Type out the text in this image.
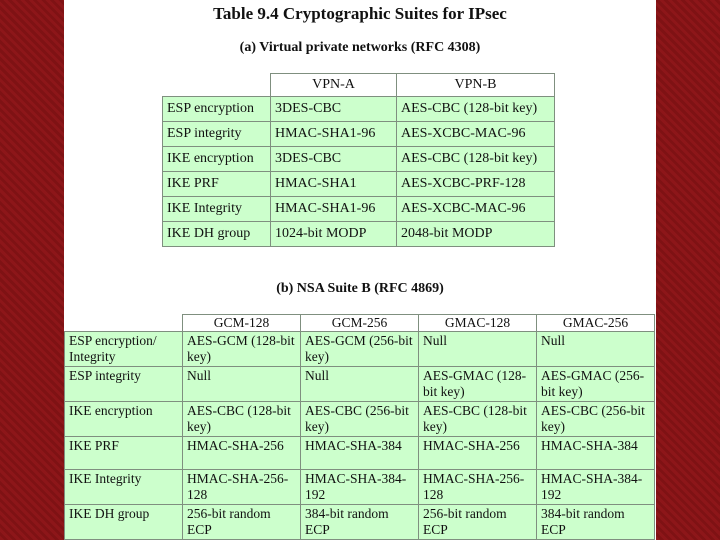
Table 9.4 Cryptographic Suites for IPsec
(a) Virtual private networks (RFC 4308)
	VPN-A	VPN-B
ESP encryption	3DES-CBC	AES-CBC (128-bit key)
ESP integrity	HMAC-SHA1-96	AES-XCBC-MAC-96
IKE encryption	3DES-CBC	AES-CBC (128-bit key)
IKE PRF	HMAC-SHA1	AES-XCBC-PRF-128
IKE Integrity	HMAC-SHA1-96	AES-XCBC-MAC-96
IKE DH group	1024-bit MODP	2048-bit MODP
(b) NSA Suite B (RFC 4869)
	GCM-128	GCM-256	GMAC-128	GMAC-256
ESP encryption/ Integrity	AES-GCM (128-bit key)	AES-GCM (256-bit key)	Null	Null
ESP integrity	Null	Null	AES-GMAC (128-bit key)	AES-GMAC (256-bit key)
IKE encryption	AES-CBC (128-bit key)	AES-CBC (256-bit key)	AES-CBC (128-bit key)	AES-CBC (256-bit key)
IKE PRF	HMAC-SHA-256	HMAC-SHA-384	HMAC-SHA-256	HMAC-SHA-384
IKE Integrity	HMAC-SHA-256-128	HMAC-SHA-384-192	HMAC-SHA-256-128	HMAC-SHA-384-192
IKE DH group	256-bit random ECP	384-bit random ECP	256-bit random ECP	384-bit random ECP
